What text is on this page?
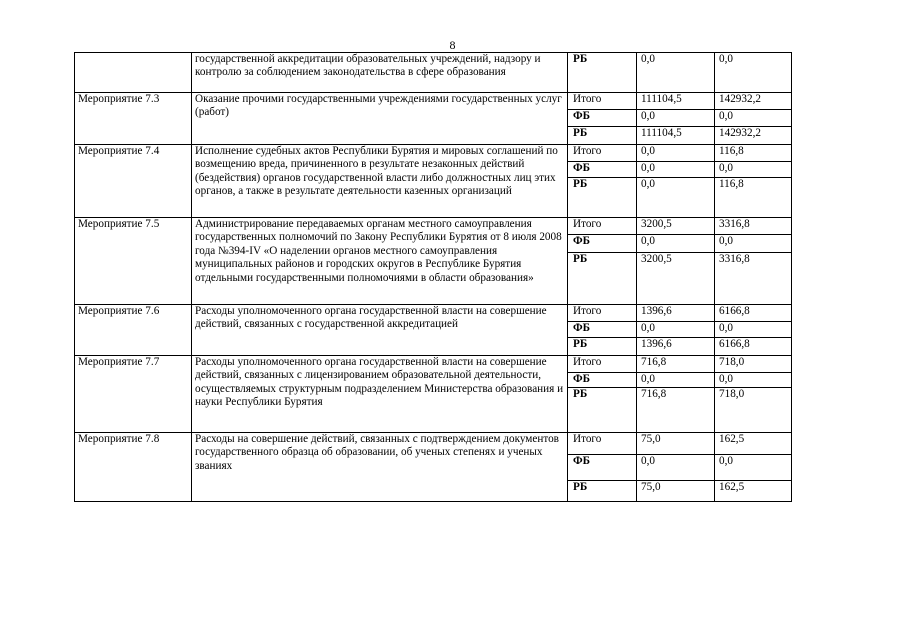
8
	государственной аккредитации образовательных учреждений, надзору и контролю за соблюдением законодательства в сфере образования	РБ	0,0	0,0
Мероприятие 7.3	Оказание прочими государственными учреждениями государственных услуг (работ)	Итого	111104,5	142932,2
		ФБ	0,0	0,0
		РБ	111104,5	142932,2
Мероприятие 7.4	Исполнение судебных актов Республики Бурятия и мировых соглашений по возмещению вреда, причиненного в результате незаконных действий (бездействия) органов государственной власти либо должностных лиц этих органов, а также в результате деятельности казенных организаций	Итого	0,0	116,8
		ФБ	0,0	0,0
		РБ	0,0	116,8
Мероприятие 7.5	Администрирование передаваемых органам местного самоуправления государственных полномочий по Закону Республики Бурятия от 8 июля 2008 года №394-IV «О наделении органов местного самоуправления муниципальных районов и городских округов в Республике Бурятия отдельными государственными полномочиями в области образования»	Итого	3200,5	3316,8
		ФБ	0,0	0,0
		РБ	3200,5	3316,8
Мероприятие 7.6	Расходы уполномоченного органа государственной власти на совершение действий, связанных с государственной аккредитацией	Итого	1396,6	6166,8
		ФБ	0,0	0,0
		РБ	1396,6	6166,8
Мероприятие 7.7	Расходы уполномоченного органа государственной власти на совершение действий, связанных с лицензированием образовательной деятельности, осуществляемых структурным подразделением Министерства образования и науки Республики Бурятия	Итого	716,8	718,0
		ФБ	0,0	0,0
		РБ	716,8	718,0
Мероприятие 7.8	Расходы на совершение действий, связанных с подтверждением документов государственного образца об образовании, об ученых степенях и ученых званиях	Итого	75,0	162,5
		ФБ	0,0	0,0
		РБ	75,0	162,5
